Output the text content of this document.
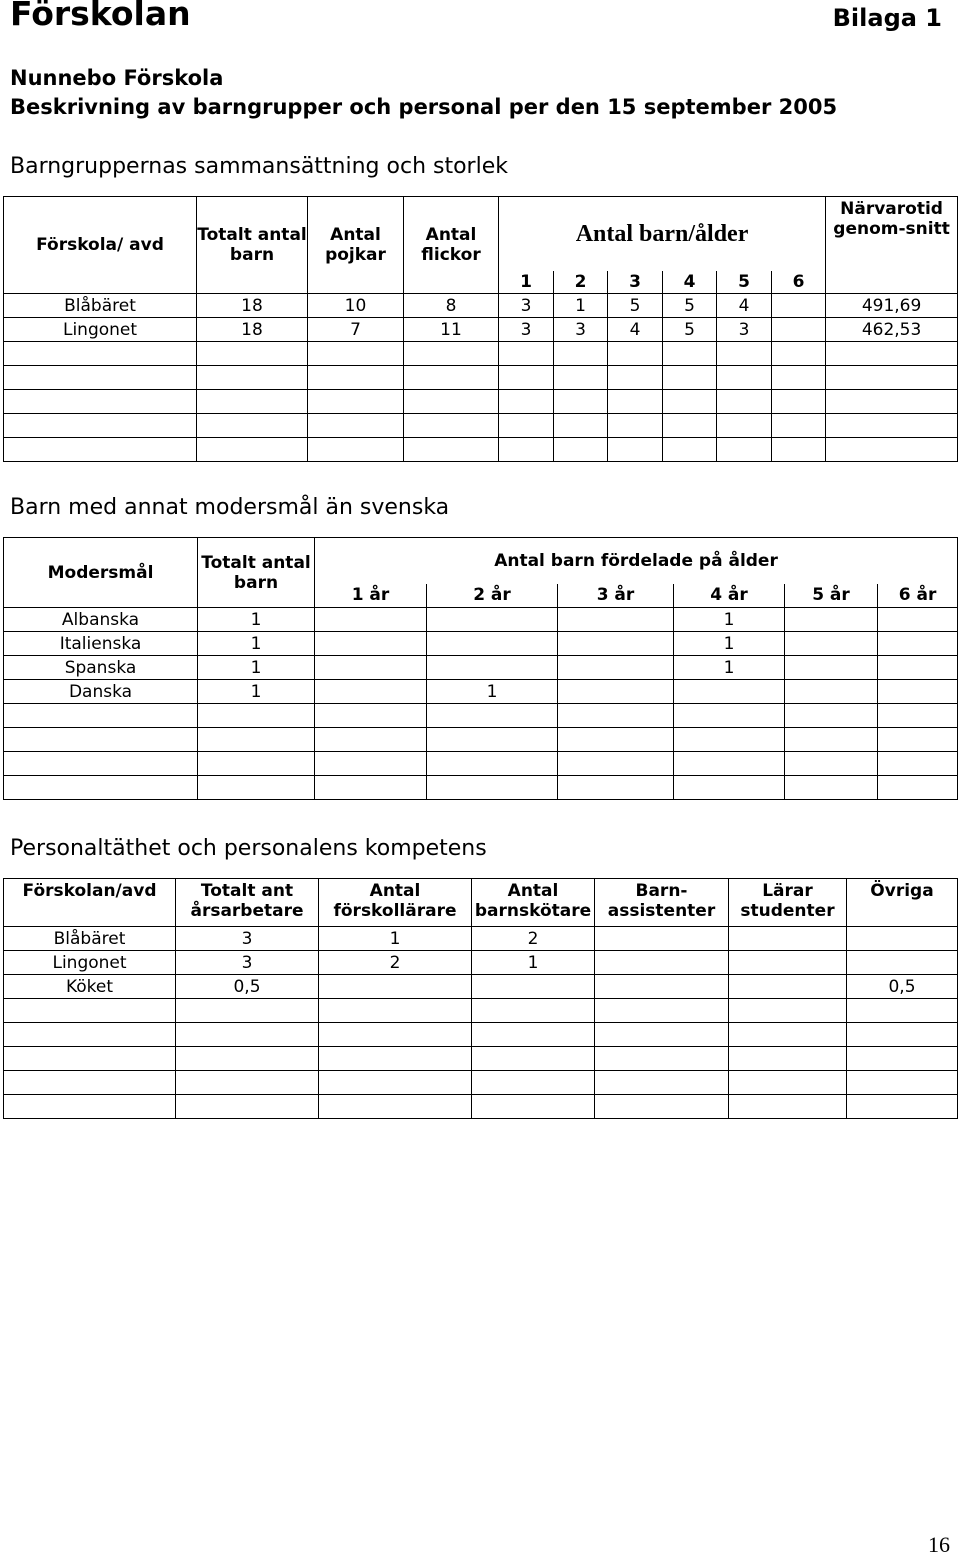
Förskolan	Bilaga 1
Nunnebo Förskola
Beskrivning av barngrupper och personal per den 15 september 2005
Barngruppernas sammansättning och storlek
Förskola/ avd	Totalt antal barn	Antal pojkar	Antal flickor	Antal barn/ålder						Närvarotid genom-snitt
				1	2	3	4	5	6	
Blåbäret	18	10	8	3	1	5	5	4		491,69
Lingonet	18	7	11	3	3	4	5	3		462,53

Barn med annat modersmål än svenska
Modersmål	Totalt antal barn	Antal barn fördelade på ålder					
		1 år	2 år	3 år	4 år	5 år	6 år
Albanska	1				1		
Italienska	1				1		
Spanska	1				1		
Danska	1		1				

Personaltäthet och personalens kompetens
Förskolan/avd	Totalt ant årsarbetare	Antal förskollärare	Antal barnskötare	Barn-assistenter	Lärar studenter	Övriga
Blåbäret	3	1	2			
Lingonet	3	2	1			
Köket	0,5					0,5

16
